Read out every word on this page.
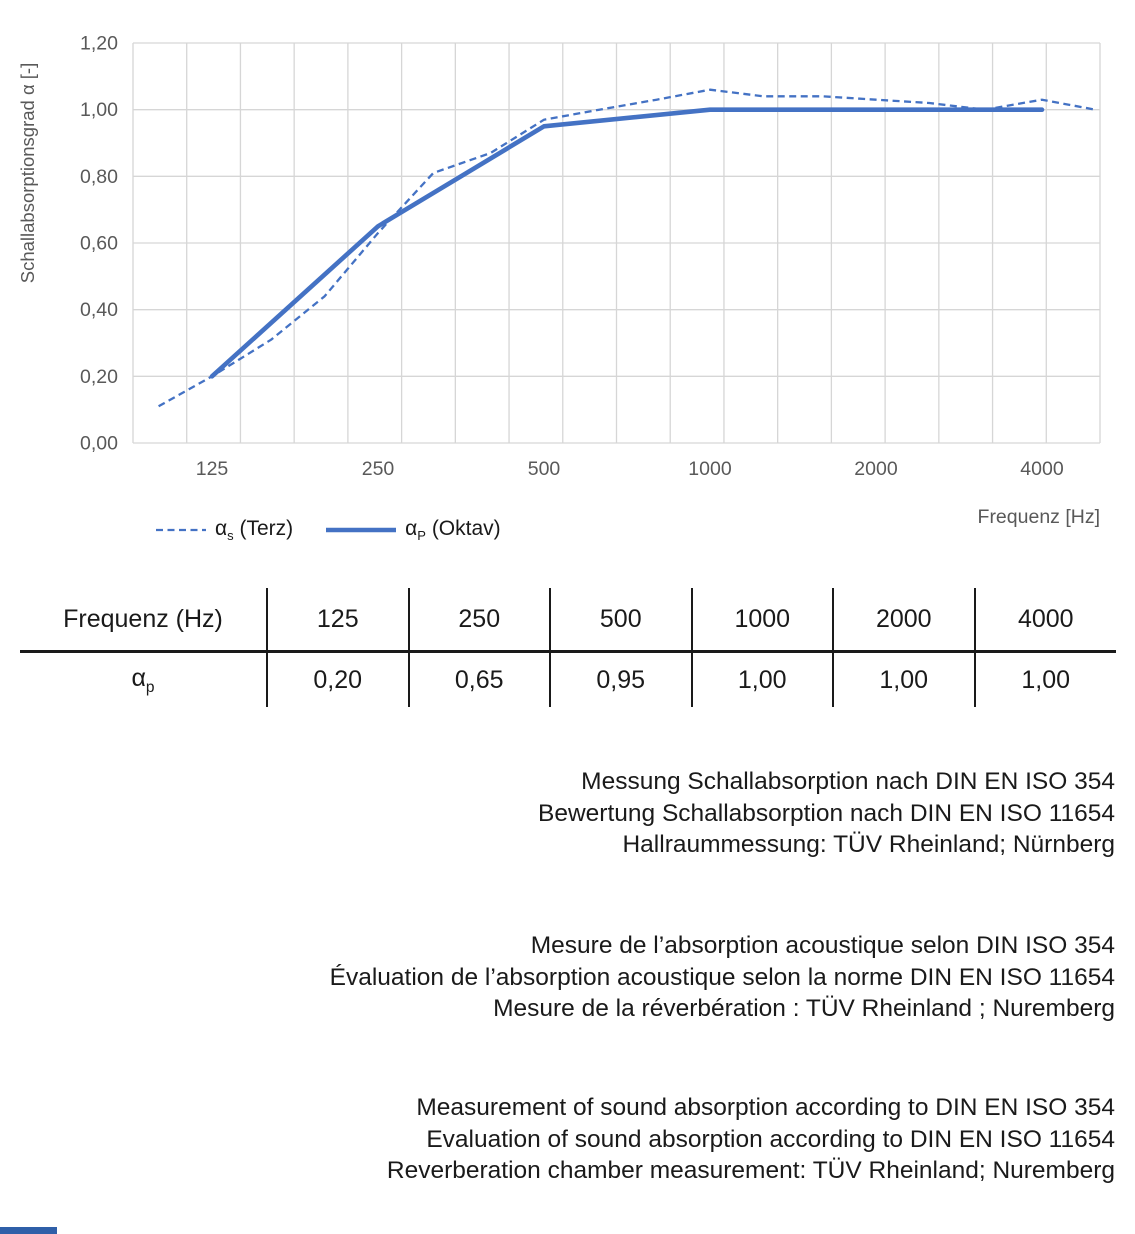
1,20
1,00
0,80
0,60
0,40
0,20
0,00
125	250	500	1000	2000	4000
Schallabsorptionsgrad α [-]
Frequenz [Hz]
$\alpha_s$ (Terz)	$\alpha_P$ (Oktav)
Frequenz (Hz)	125	250	500	1000	2000	4000
$\alpha_p$	0,20	0,65	0,95	1,00	1,00	1,00
Messung Schallabsorption nach DIN EN ISO 354
Bewertung Schallabsorption nach DIN EN ISO 11654
Hallraummessung: TÜV Rheinland; Nürnberg
Mesure de l’absorption acoustique selon DIN ISO 354
Évaluation de l’absorption acoustique selon la norme DIN EN ISO 11654
Mesure de la réverbération : TÜV Rheinland ; Nuremberg
Measurement of sound absorption according to DIN EN ISO 354
Evaluation of sound absorption according to DIN EN ISO 11654
Reverberation chamber measurement: TÜV Rheinland; Nuremberg
